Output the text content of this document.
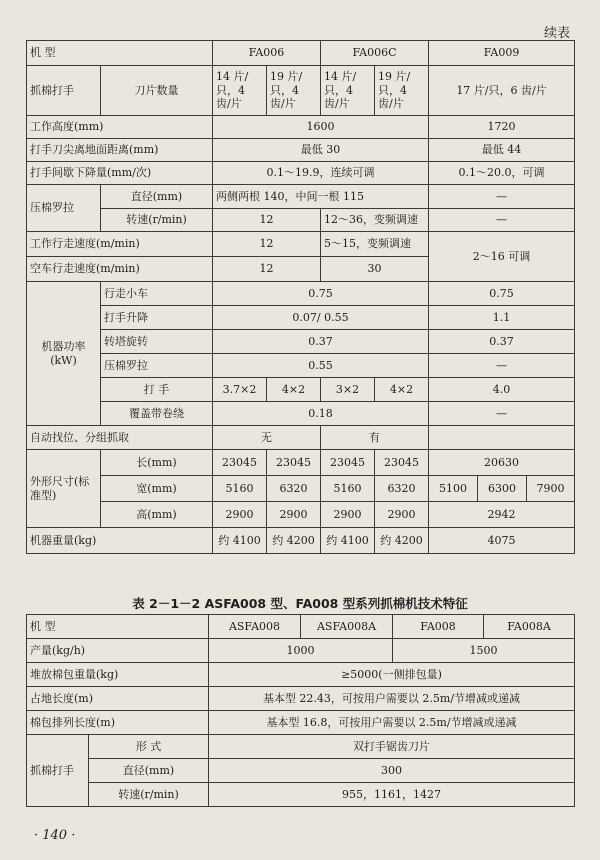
续表
机 型		FA006		FA006C		FA009		
抓棉打手	刀片数量	14 片/只，4 齿/片	19 片/只，4 齿/片	14 片/只，4 齿/片	19 片/只，4 齿/片	17 片/只，6 齿/片		
工作高度(mm)		1600				1720		
打手刀尖离地面距离(mm)		最低 30				最低 44		
打手间歇下降量(mm/次)		0.1～19.9，连续可调				0.1～20.0，可调		
压棉罗拉	直径(mm)	两侧两根 140，中间一根 115				—		
	转速(r/min)	12		12～36，变频调速		—		
工作行走速度(m/min)		12		5～15，变频调速		2～16 可调		
空车行走速度(m/min)		12		30				
机器功率(kW)	行走小车	0.75				0.75		
	打手升降	0.07/ 0.55				1.1		
	转塔旋转	0.37				0.37		
	压棉罗拉	0.55				—		
	打 手	3.7×2	4×2	3×2	4×2	4.0		
	覆盖带卷绕	0.18				—		
自动找位、分组抓取		无		有				
外形尺寸(标准型)	长(mm)	23045	23045	23045	23045	20630		
	宽(mm)	5160	6320	5160	6320	5100	6300	7900
	高(mm)	2900	2900	2900	2900	2942		
机器重量(kg)		约 4100	约 4200	约 4100	约 4200	4075		
表 2－1－2 ASFA008 型、FA008 型系列抓棉机技术特征
机 型		ASFA008	ASFA008A	FA008	FA008A
产量(kg/h)		1000		1500	
堆放棉包重量(kg)		≥5000(一侧排包量)			
占地长度(m)		基本型 22.43，可按用户需要以 2.5m/节增减或递减			
棉包排列长度(m)		基本型 16.8，可按用户需要以 2.5m/节增减或递减			
抓棉打手	形 式	双打手锯齿刀片			
	直径(mm)	300			
	转速(r/min)	955，1161，1427			
· 140 ·
